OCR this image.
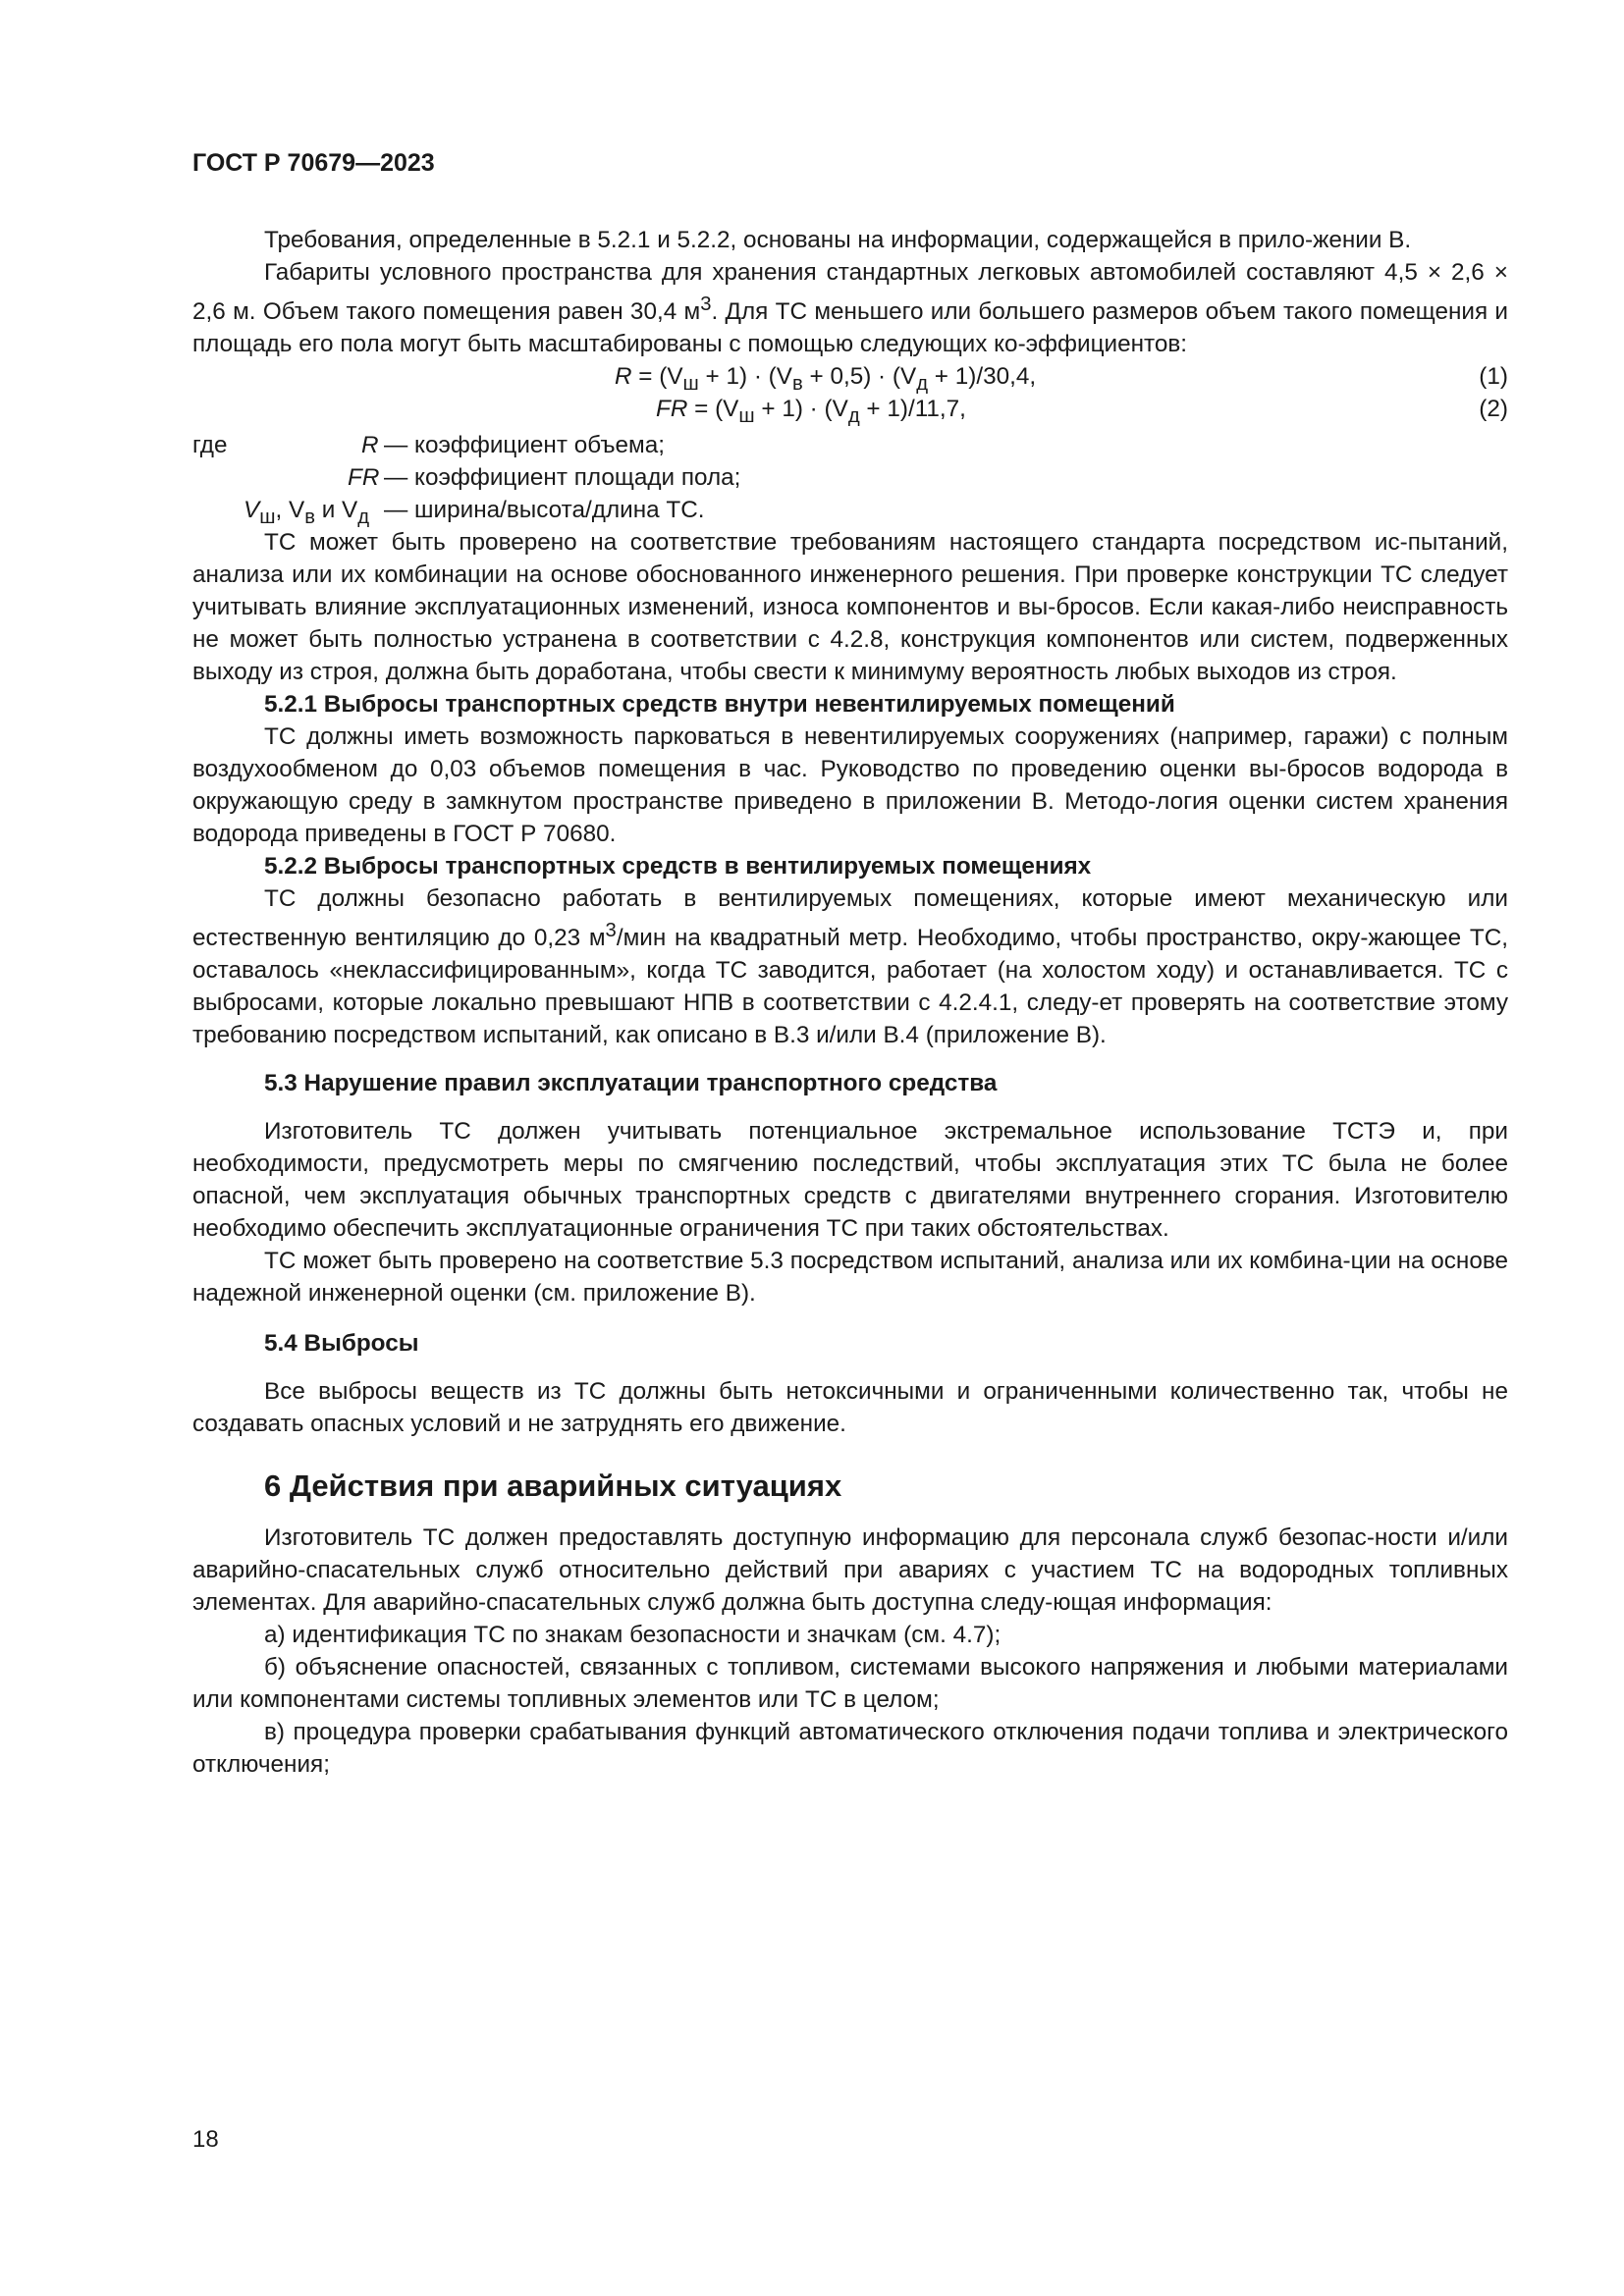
ГОСТ Р 70679—2023

Требования, определенные в 5.2.1 и 5.2.2, основаны на информации, содержащейся в прило-жении В.

Габариты условного пространства для хранения стандартных легковых автомобилей составляют 4,5 × 2,6 × 2,6 м. Объем такого помещения равен 30,4 $м^3$. Для ТС меньшего или большего размеров объем такого помещения и площадь его пола могут быть масштабированы с помощью следующих ко-эффициентов:

$R = (V_ш + 1) \cdot (V_в + 0,5) \cdot (V_д + 1)/30,4$,	(1)
FR = $(V_ш + 1) \cdot (V_д + 1)/11,7$,	(2)
где	R — коэффициент объема;
FR — коэффициент площади пола;
$V_ш$, $V_в$ и $V_д$ — ширина/высота/длина ТС.

ТС может быть проверено на соответствие требованиям настоящего стандарта посредством ис-пытаний, анализа или их комбинации на основе обоснованного инженерного решения. При проверке конструкции ТС следует учитывать влияние эксплуатационных изменений, износа компонентов и вы-бросов. Если какая-либо неисправность не может быть полностью устранена в соответствии с 4.2.8, конструкция компонентов или систем, подверженных выходу из строя, должна быть доработана, чтобы свести к минимуму вероятность любых выходов из строя.

5.2.1 Выбросы транспортных средств внутри невентилируемых помещений

ТС должны иметь возможность парковаться в невентилируемых сооружениях (например, гаражи) с полным воздухообменом до 0,03 объемов помещения в час. Руководство по проведению оценки вы-бросов водорода в окружающую среду в замкнутом пространстве приведено в приложении В. Методо-логия оценки систем хранения водорода приведены в ГОСТ Р 70680.

5.2.2 Выбросы транспортных средств в вентилируемых помещениях

ТС должны безопасно работать в вентилируемых помещениях, которые имеют механическую или естественную вентиляцию до 0,23 $м^3$/мин на квадратный метр. Необходимо, чтобы пространство, окру-жающее ТС, оставалось «неклассифицированным», когда ТС заводится, работает (на холостом ходу) и останавливается. ТС с выбросами, которые локально превышают НПВ в соответствии с 4.2.4.1, следу-ет проверять на соответствие этому требованию посредством испытаний, как описано в В.3 и/или В.4 (приложение В).

5.3 Нарушение правил эксплуатации транспортного средства

Изготовитель ТС должен учитывать потенциальное экстремальное использование ТСТЭ и, при необходимости, предусмотреть меры по смягчению последствий, чтобы эксплуатация этих ТС была не более опасной, чем эксплуатация обычных транспортных средств с двигателями внутреннего сгорания. Изготовителю необходимо обеспечить эксплуатационные ограничения ТС при таких обстоятельствах.

ТС может быть проверено на соответствие 5.3 посредством испытаний, анализа или их комбина-ции на основе надежной инженерной оценки (см. приложение В).

5.4 Выбросы

Все выбросы веществ из ТС должны быть нетоксичными и ограниченными количественно так, чтобы не создавать опасных условий и не затруднять его движение.

6 Действия при аварийных ситуациях

Изготовитель ТС должен предоставлять доступную информацию для персонала служб безопас-ности и/или аварийно-спасательных служб относительно действий при авариях с участием ТС на водородных топливных элементах. Для аварийно-спасательных служб должна быть доступна следу-ющая информация:

а) идентификация ТС по знакам безопасности и значкам (см. 4.7);

б) объяснение опасностей, связанных с топливом, системами высокого напряжения и любыми материалами или компонентами системы топливных элементов или ТС в целом;

в) процедура проверки срабатывания функций автоматического отключения подачи топлива и электрического отключения;

18
